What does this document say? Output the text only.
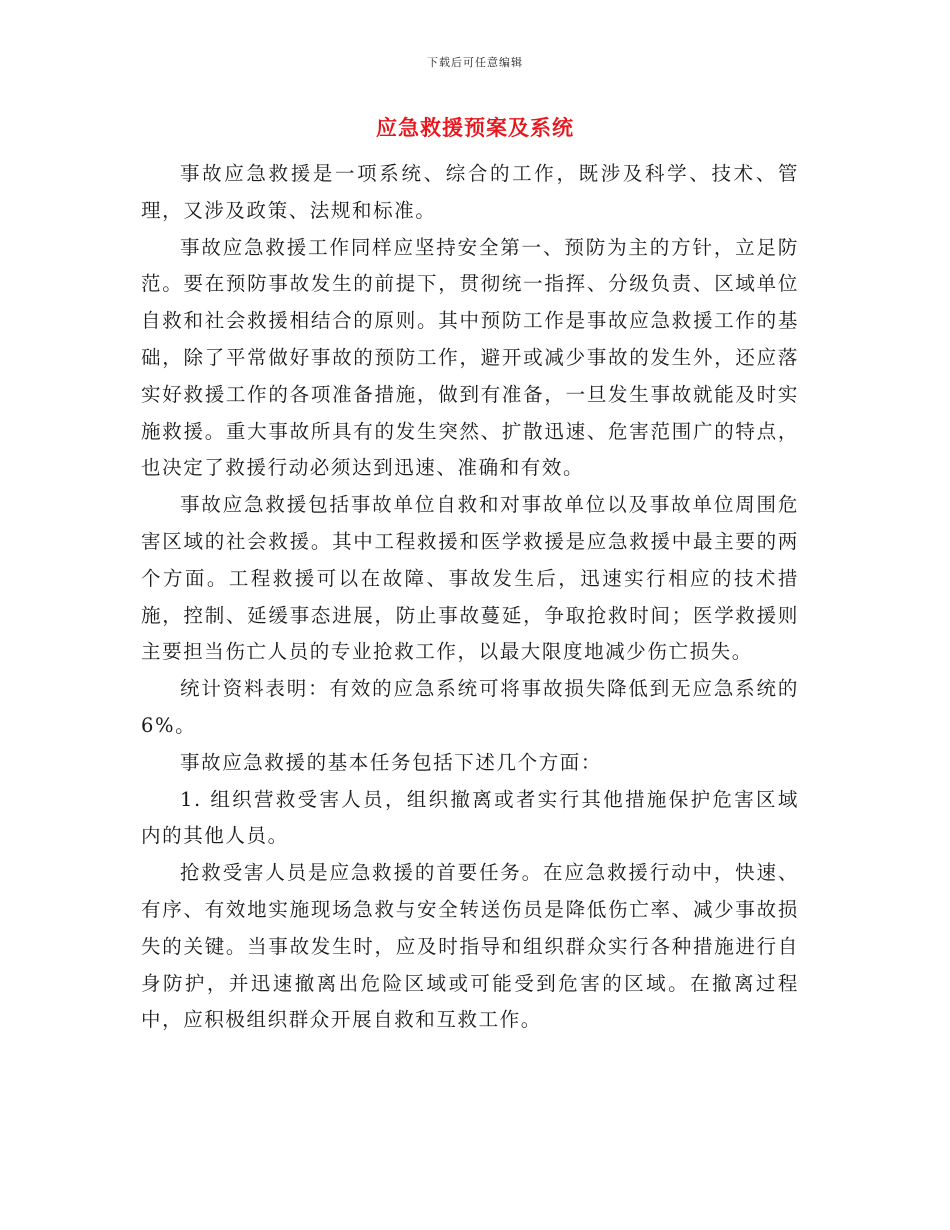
下载后可任意编辑
应急救援预案及系统

事故应急救援是一项系统、综合的工作，既涉及科学、技术、管理，又涉及政策、法规和标准。

事故应急救援工作同样应坚持安全第一、预防为主的方针，立足防范。要在预防事故发生的前提下，贯彻统一指挥、分级负责、区域单位自救和社会救援相结合的原则。其中预防工作是事故应急救援工作的基础，除了平常做好事故的预防工作，避开或减少事故的发生外，还应落实好救援工作的各项准备措施，做到有准备，一旦发生事故就能及时实施救援。重大事故所具有的发生突然、扩散迅速、危害范围广的特点，也决定了救援行动必须达到迅速、准确和有效。

事故应急救援包括事故单位自救和对事故单位以及事故单位周围危害区域的社会救援。其中工程救援和医学救援是应急救援中最主要的两个方面。工程救援可以在故障、事故发生后，迅速实行相应的技术措施，控制、延缓事态进展，防止事故蔓延，争取抢救时间；医学救援则主要担当伤亡人员的专业抢救工作，以最大限度地减少伤亡损失。

统计资料表明：有效的应急系统可将事故损失降低到无应急系统的 6%。

事故应急救援的基本任务包括下述几个方面：

1. 组织营救受害人员，组织撤离或者实行其他措施保护危害区域内的其他人员。

抢救受害人员是应急救援的首要任务。在应急救援行动中，快速、有序、有效地实施现场急救与安全转送伤员是降低伤亡率、减少事故损失的关键。当事故发生时，应及时指导和组织群众实行各种措施进行自身防护，并迅速撤离出危险区域或可能受到危害的区域。在撤离过程中，应积极组织群众开展自救和互救工作。
